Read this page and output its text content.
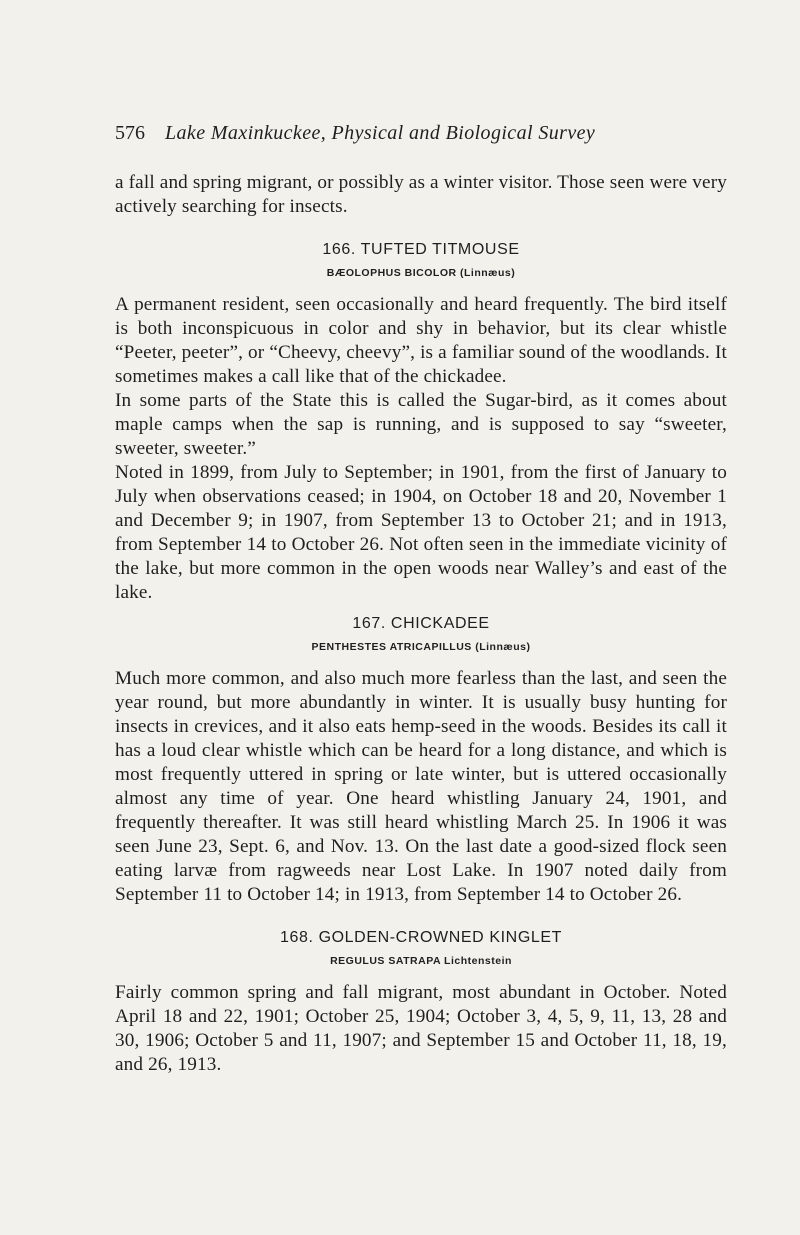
576 Lake Maxinkuckee, Physical and Biological Survey

a fall and spring migrant, or possibly as a winter visitor. Those seen were very actively searching for insects.

166. TUFTED TITMOUSE
BÆOLOPHUS BICOLOR (Linnæus)

A permanent resident, seen occasionally and heard frequently. The bird itself is both inconspicuous in color and shy in behavior, but its clear whistle “Peeter, peeter”, or “Cheevy, cheevy”, is a familiar sound of the woodlands. It sometimes makes a call like that of the chickadee.

In some parts of the State this is called the Sugar-bird, as it comes about maple camps when the sap is running, and is supposed to say “sweeter, sweeter, sweeter.”

Noted in 1899, from July to September; in 1901, from the first of January to July when observations ceased; in 1904, on October 18 and 20, November 1 and December 9; in 1907, from September 13 to October 21; and in 1913, from September 14 to October 26. Not often seen in the immediate vicinity of the lake, but more common in the open woods near Walley’s and east of the lake.

167. CHICKADEE
PENTHESTES ATRICAPILLUS (Linnæus)

Much more common, and also much more fearless than the last, and seen the year round, but more abundantly in winter. It is usually busy hunting for insects in crevices, and it also eats hemp-seed in the woods. Besides its call it has a loud clear whistle which can be heard for a long distance, and which is most frequently uttered in spring or late winter, but is uttered occasionally almost any time of year. One heard whistling January 24, 1901, and frequently thereafter. It was still heard whistling March 25. In 1906 it was seen June 23, Sept. 6, and Nov. 13. On the last date a good-sized flock seen eating larvæ from ragweeds near Lost Lake. In 1907 noted daily from September 11 to October 14; in 1913, from September 14 to October 26.

168. GOLDEN-CROWNED KINGLET
REGULUS SATRAPA Lichtenstein

Fairly common spring and fall migrant, most abundant in October. Noted April 18 and 22, 1901; October 25, 1904; October 3, 4, 5, 9, 11, 13, 28 and 30, 1906; October 5 and 11, 1907; and September 15 and October 11, 18, 19, and 26, 1913.
